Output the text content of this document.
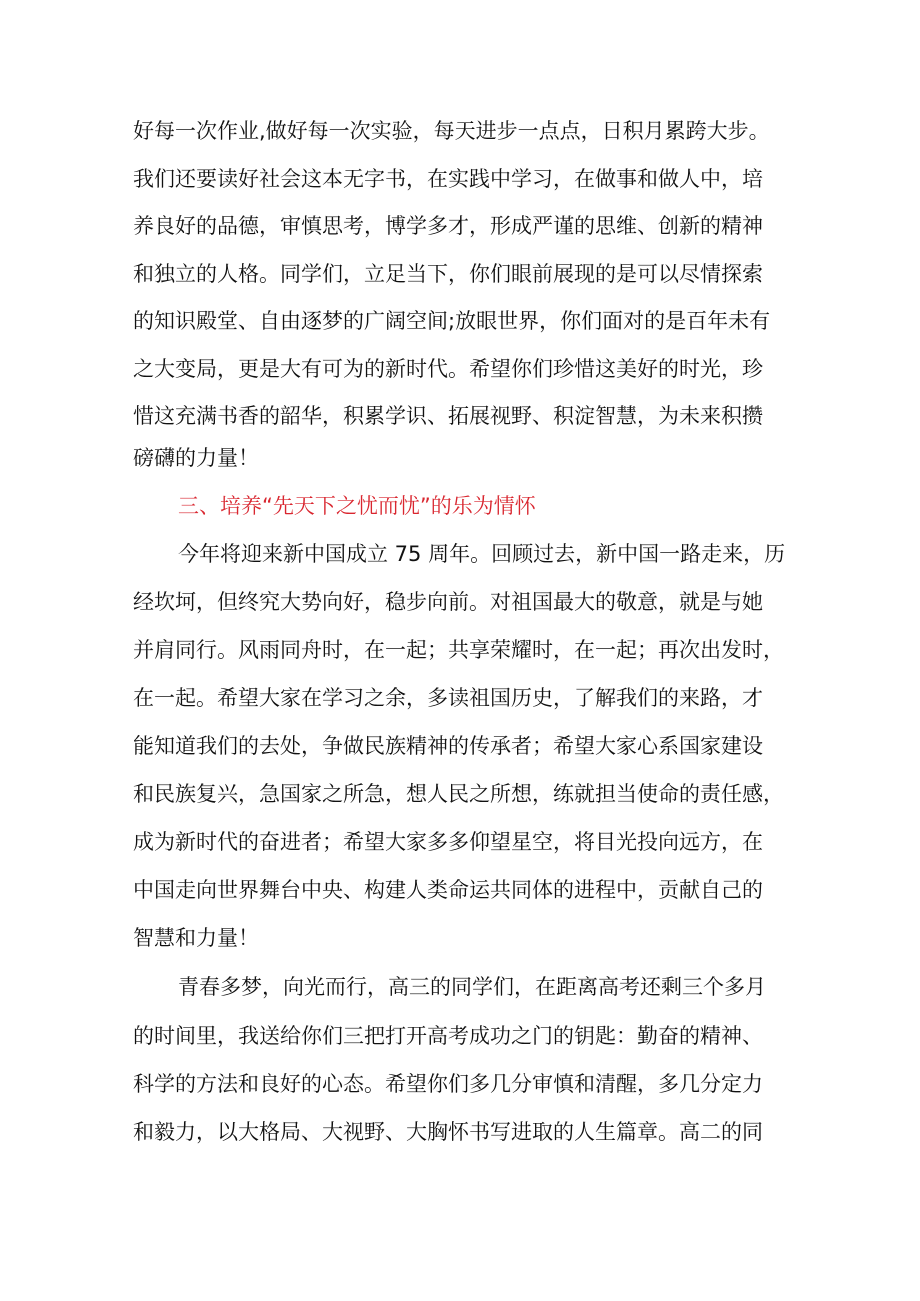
好每一次作业,做好每一次实验，每天进步一点点，日积月累跨大步。
我们还要读好社会这本无字书，在实践中学习，在做事和做人中，培
养良好的品德，审慎思考，博学多才，形成严谨的思维、创新的精神
和独立的人格。同学们，立足当下，你们眼前展现的是可以尽情探索
的知识殿堂、自由逐梦的广阔空间;放眼世界，你们面对的是百年未有
之大变局，更是大有可为的新时代。希望你们珍惜这美好的时光，珍
惜这充满书香的韶华，积累学识、拓展视野、积淀智慧，为未来积攒
磅礴的力量！
三、培养“先天下之忧而忧”的乐为情怀
今年将迎来新中国成立 75 周年。回顾过去，新中国一路走来，历
经坎坷，但终究大势向好，稳步向前。对祖国最大的敬意，就是与她
并肩同行。风雨同舟时，在一起；共享荣耀时，在一起；再次出发时，
在一起。希望大家在学习之余，多读祖国历史，了解我们的来路，才
能知道我们的去处，争做民族精神的传承者；希望大家心系国家建设
和民族复兴，急国家之所急，想人民之所想，练就担当使命的责任感，
成为新时代的奋进者；希望大家多多仰望星空，将目光投向远方，在
中国走向世界舞台中央、构建人类命运共同体的进程中，贡献自己的
智慧和力量！
青春多梦，向光而行，高三的同学们，在距离高考还剩三个多月
的时间里，我送给你们三把打开高考成功之门的钥匙：勤奋的精神、
科学的方法和良好的心态。希望你们多几分审慎和清醒，多几分定力
和毅力，以大格局、大视野、大胸怀书写进取的人生篇章。高二的同
